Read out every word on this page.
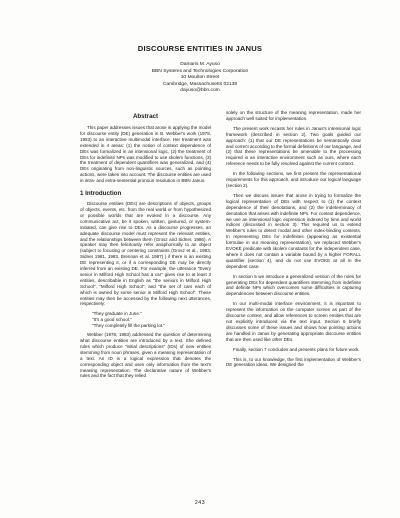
DISCOURSE ENTITIES IN JANUS
Damaris M. Ayuso
BBN Systems and Technologies Corporation
10 Moulton Street
Cambridge, Massachusetts 02138
dayuso@bbn.com
Abstract

This paper addresses issues that arose in applying the model for discourse entity (DE) generation in B. Webber's work (1978, 1983) to an interactive multimodal interface. Her treatment was extended in 4 areas: (1) the notion of context dependence of DEs was formalized in an intensional logic, (2) the treatment of DEs for indefinite NPs was modified to use skolem functions, (3) the treatment of dependent quantifiers was generalized, and (4) DEs originating from non-linguistic sources, such as pointing actions, were taken into account. The discourse entities are used in intra- and extra-sentential pronoun resolution in BBN Janus.

1 Introduction

Discourse entities (DEs) are descriptions of objects, groups of objects, events, etc. from the real world or from hypothesized or possible worlds that are evoked in a discourse. Any communicative act, be it spoken, written, gestured, or system-initiated, can give rise to DEs. As a discourse progresses, an adequate discourse model must represent the relevant entities, and the relationships between them (Grosz and Sidner, 1986). A speaker may then felicitously refer anaphorically to an object (subject to focusing or centering constraints (Grosz et al., 1983, Sidner 1981, 1983, Brennan et al. 1987) ) if there is an existing DE representing it, or if a corresponding DE may be directly inferred from an existing DE. For example, the utterance "Every senior in Milford High School has a car" gives rise to at least 3 entities, describable in English as "the seniors in Milford High School", "Milford High School", and "the set of cars each of which is owned by some senior in Milford High School". These entities may then be accessed by the following next utterances, respectively:

"They graduate in June."
"It's a good school."
"They completely fill the parking lot."

Webber (1978, 1983) addressed the question of determining what discourse entities are introduced by a text. She defined rules which produce "initial descriptions" (IDs) of new entities stemming from noun phrases, given a meaning representation of a text. An ID is a logical expression that denotes the corresponding object and uses only information from the text's meaning representation. The declarative nature of Webber's rules and the fact that they relied

solely on the structure of the meaning representation, made her approach well suited for implementation.

The present work recasts her rules in Janus's intensional logic framework (described in section 2). Two goals guided our approach: (1) that our DE representations be semantically clear and correct according to the formal definitions of our language, and (2) that these representations be amenable to the processing required in an interactive environment such as ours, where each reference needs to be fully resolved against the current context.

In the following sections, we first present the representational requirements for this approach, and introduce our logical language (section 2).

Then we discuss issues that arose in trying to formalize the logical representation of DEs with respect to (1) the context dependence of their denotations, and (2) the indeterminacy of denotation that arises with indefinite NPs. For context dependence, we use an intensional logic expression indexed by time and world indices (discussed in section 3). This required us to extend Webber's rules to detect modal and other index-binding contexts. In representing DEs for indefinites (appearing as existential formulae in our meaning representation), we replaced Webber's EVOKE predicate with skolem constants for the independent case, where it does not contain a variable bound by a higher FORALL quantifier (section 4), and do not use EVOKE at all in the dependent case.

In section 5 we introduce a generalized version of the rules for generating DEs for dependent quantifiers stemming from indefinite and definite NPs which overcomes some difficulties in capturing dependencies between discourse entities.

In our multi-modal interface environment, it is important to represent the information on the computer screen as part of the discourse context, and allow references to screen entities that are not explicitly introduced via the text input. Section 6 briefly discusses some of these issues and shows how pointing actions are handled in Janus by generating appropriate discourse entities that are then used like other DEs.

Finally, section 7 concludes and presents plans for future work.

This is, to our knowledge, the first implementation of Webber's DE generation ideas. We designed the

243
